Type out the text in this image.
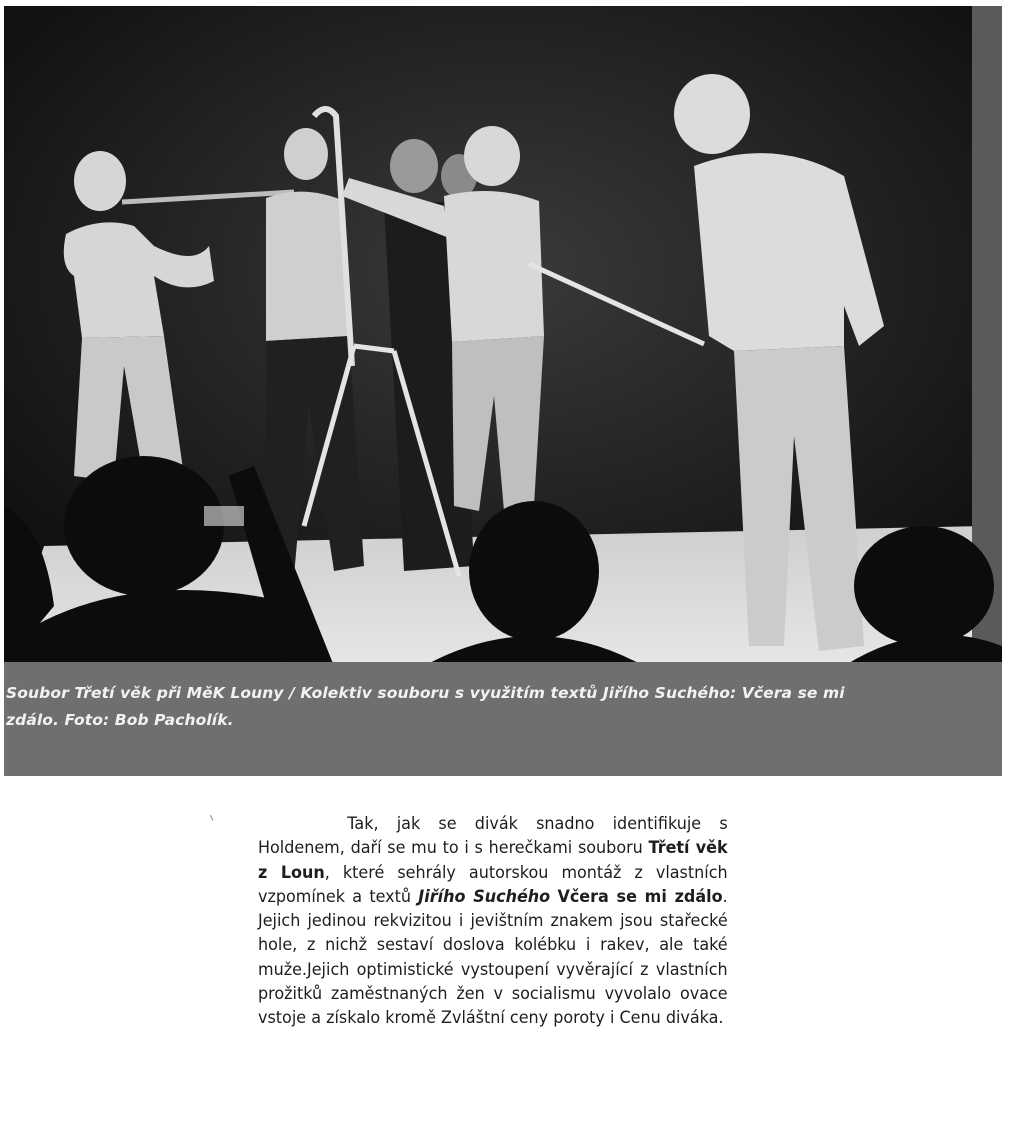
Soubor Třetí věk při MěK Louny / Kolektiv souboru s využitím textů Jiřího Suchého: Včera se mi
zdálo. Foto: Bob Pacholík.
Tak, jak se divák snadno identifikuje s Holdenem, daří se mu to i s herečkami souboru Třetí věk z Loun, které sehrály autorskou montáž z vlastních vzpomínek a textů Jiřího Suchého Včera se mi zdálo. Jejich jedinou rekvizitou i jevištním znakem jsou stařecké hole, z nichž sestaví doslova kolébku i rakev, ale také muže.Jejich optimistické vystoupení vyvěrající z vlastních prožitků zaměstnaných žen v socialismu vyvolalo ovace vstoje a získalo kromě Zvláštní ceny poroty i Cenu diváka.
